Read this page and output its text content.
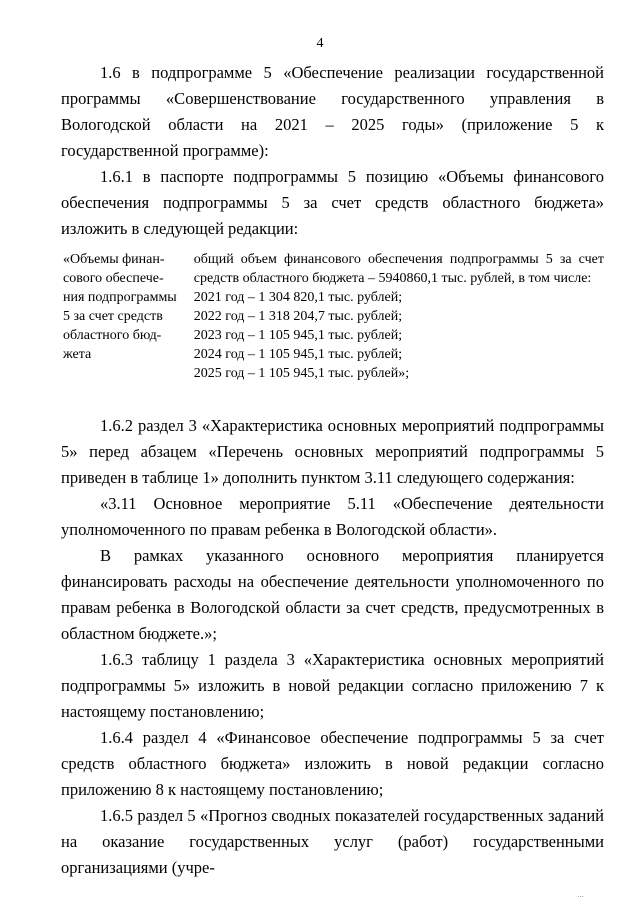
4

1.6 в подпрограмме 5 «Обеспечение реализации государственной программы «Совершенствование государственного управления в Вологодской области на 2021 – 2025 годы» (приложение 5 к государственной программе):

1.6.1 в паспорте подпрограммы 5 позицию «Объемы финансового обеспечения подпрограммы 5 за счет средств областного бюджета» изложить в следующей редакции:

«Объемы финан-
сового обеспече-
ния подпрограммы
5 за счет средств
областного бюд-
жета
общий объем финансового обеспечения подпрограммы 5 за счет средств областного бюджета – 5940860,1 тыс. рублей, в том числе:
2021 год – 1 304 820,1 тыс. рублей;
2022 год – 1 318 204,7 тыс. рублей;
2023 год – 1 105 945,1 тыс. рублей;
2024 год – 1 105 945,1 тыс. рублей;
2025 год – 1 105 945,1 тыс. рублей»;

1.6.2 раздел 3 «Характеристика основных мероприятий подпрограммы 5» перед абзацем «Перечень основных мероприятий подпрограммы 5 приведен в таблице 1» дополнить пунктом 3.11 следующего содержания:

«3.11 Основное мероприятие 5.11 «Обеспечение деятельности уполномоченного по правам ребенка в Вологодской области».

В рамках указанного основного мероприятия планируется финансировать расходы на обеспечение деятельности уполномоченного по правам ребенка в Вологодской области за счет средств, предусмотренных в областном бюджете.»;

1.6.3 таблицу 1 раздела 3 «Характеристика основных мероприятий подпрограммы 5» изложить в новой редакции согласно приложению 7 к настоящему постановлению;

1.6.4 раздел 4 «Финансовое обеспечение подпрограммы 5 за счет средств областного бюджета» изложить в новой редакции согласно приложению 8 к настоящему постановлению;

1.6.5 раздел 5 «Прогноз сводных показателей государственных заданий на оказание государственных услуг (работ) государственными организациями (учре-

···
